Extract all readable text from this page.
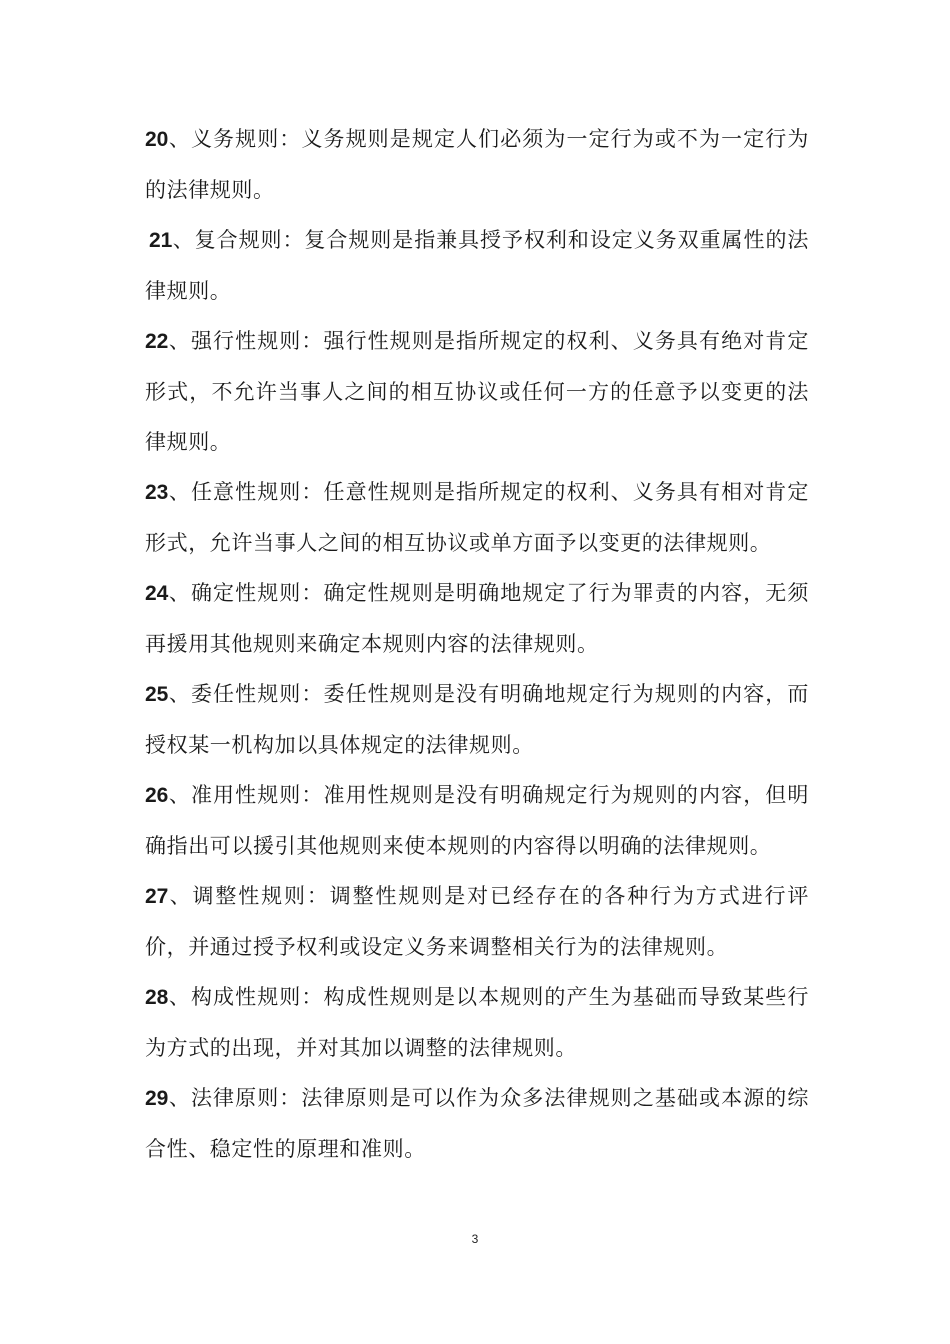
20、义务规则：义务规则是规定人们必须为一定行为或不为一定行为的法律规则。

21、复合规则：复合规则是指兼具授予权利和设定义务双重属性的法律规则。

22、强行性规则：强行性规则是指所规定的权利、义务具有绝对肯定形式，不允许当事人之间的相互协议或任何一方的任意予以变更的法律规则。

23、任意性规则：任意性规则是指所规定的权利、义务具有相对肯定形式，允许当事人之间的相互协议或单方面予以变更的法律规则。

24、确定性规则：确定性规则是明确地规定了行为罪责的内容，无须再援用其他规则来确定本规则内容的法律规则。

25、委任性规则：委任性规则是没有明确地规定行为规则的内容，而授权某一机构加以具体规定的法律规则。

26、准用性规则：准用性规则是没有明确规定行为规则的内容，但明确指出可以援引其他规则来使本规则的内容得以明确的法律规则。

27、调整性规则：调整性规则是对已经存在的各种行为方式进行评价，并通过授予权利或设定义务来调整相关行为的法律规则。

28、构成性规则：构成性规则是以本规则的产生为基础而导致某些行为方式的出现，并对其加以调整的法律规则。

29、法律原则：法律原则是可以作为众多法律规则之基础或本源的综合性、稳定性的原理和准则。

3
